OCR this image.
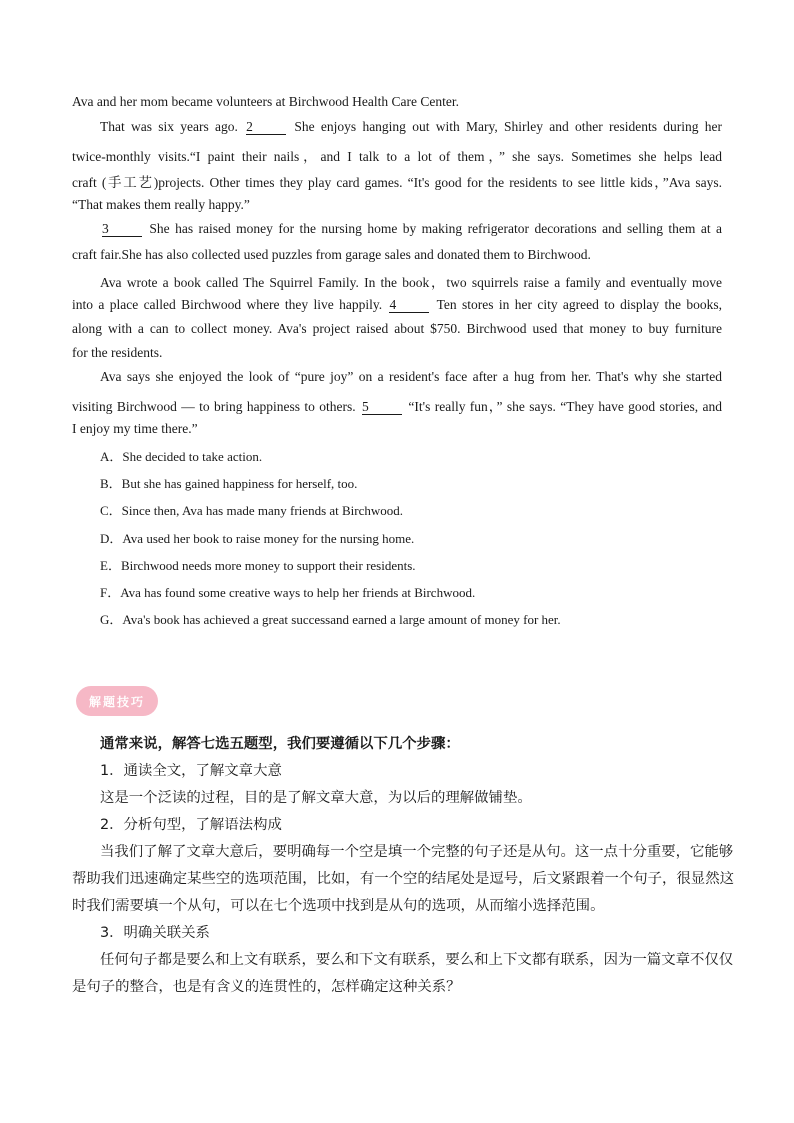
Ava and her mom became volunteers at Birchwood Health Care Center.
That was six years ago. 2	She enjoys hanging out with Mary, Shirley and other residents during her
twice-monthly visits.“I paint their nails，and I talk to a lot of them，” she says. Sometimes she helps lead
craft (手工艺)projects. Other times they play card games. “It's good for the residents to see little kids，”Ava says.
“That makes them really happy.”
3	She has raised money for the nursing home by making refrigerator decorations and selling them at a
craft fair.She has also collected used puzzles from garage sales and donated them to Birchwood.
Ava wrote a book called The Squirrel Family. In the book，two squirrels raise a family and eventually move
into a place called Birchwood where they live happily. 4	Ten stores in her city agreed to display the books,
along with a can to collect money. Ava's project raised about $750. Birchwood used that money to buy furniture
for the residents.
Ava says she enjoyed the look of “pure joy” on a resident's face after a hug from her. That's why she started
visiting Birchwood — to bring happiness to others. 5	“It's really fun，” she says. “They have good stories, and
I enjoy my time there.”
A．She decided to take action.
B．But she has gained happiness for herself, too.
C．Since then, Ava has made many friends at Birchwood.
D．Ava used her book to raise money for the nursing home.
E．Birchwood needs more money to support their residents.
F．Ava has found some creative ways to help her friends at Birchwood.
G．Ava's book has achieved a great successand earned a large amount of money for her.
解题技巧
通常来说，解答七选五题型，我们要遵循以下几个步骤：
1．通读全文，了解文章大意
这是一个泛读的过程，目的是了解文章大意，为以后的理解做铺垫。
2．分析句型，了解语法构成
当我们了解了文章大意后，要明确每一个空是填一个完整的句子还是从句。这一点十分重要，它能够
帮助我们迅速确定某些空的选项范围，比如，有一个空的结尾处是逗号，后文紧跟着一个句子，很显然这
时我们需要填一个从句，可以在七个选项中找到是从句的选项，从而缩小选择范围。
3．明确关联关系
任何句子都是要么和上文有联系，要么和下文有联系，要么和上下文都有联系，因为一篇文章不仅仅
是句子的整合，也是有含义的连贯性的，怎样确定这种关系？
